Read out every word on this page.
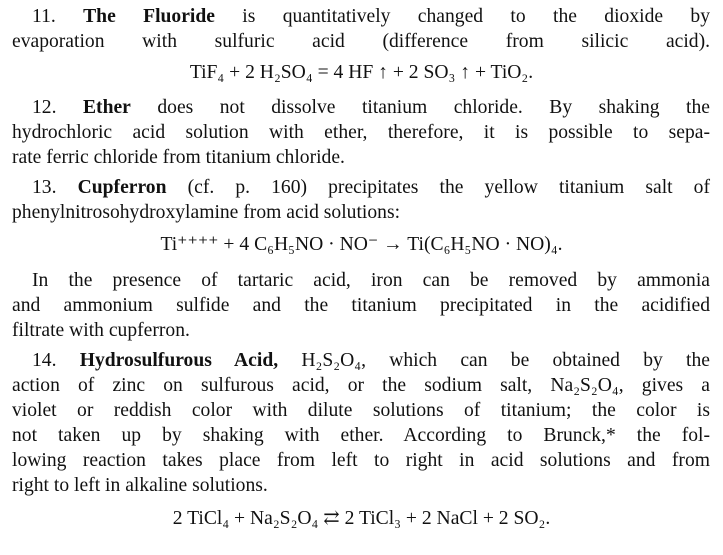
11. The Fluoride is quantitatively changed to the dioxide by
evaporation with sulfuric acid (difference from silicic acid).
TiF₄ + 2 H₂SO₄ = 4 HF ↑ + 2 SO₃ ↑ + TiO₂.
12. Ether does not dissolve titanium chloride. By shaking the
hydrochloric acid solution with ether, therefore, it is possible to sepa-
rate ferric chloride from titanium chloride.
13. Cupferron (cf. p. 160) precipitates the yellow titanium salt of
phenylnitrosohydroxylamine from acid solutions:
Ti⁺⁺⁺⁺ + 4 C₆H₅NO · NO⁻ → Ti(C₆H₅NO · NO)₄.
In the presence of tartaric acid, iron can be removed by ammonia
and ammonium sulfide and the titanium precipitated in the acidified
filtrate with cupferron.
14. Hydrosulfurous Acid, H₂S₂O₄, which can be obtained by the
action of zinc on sulfurous acid, or the sodium salt, Na₂S₂O₄, gives a
violet or reddish color with dilute solutions of titanium; the color is
not taken up by shaking with ether. According to Brunck,* the fol-
lowing reaction takes place from left to right in acid solutions and from
right to left in alkaline solutions.
2 TiCl₄ + Na₂S₂O₄ ⇄ 2 TiCl₃ + 2 NaCl + 2 SO₂.
